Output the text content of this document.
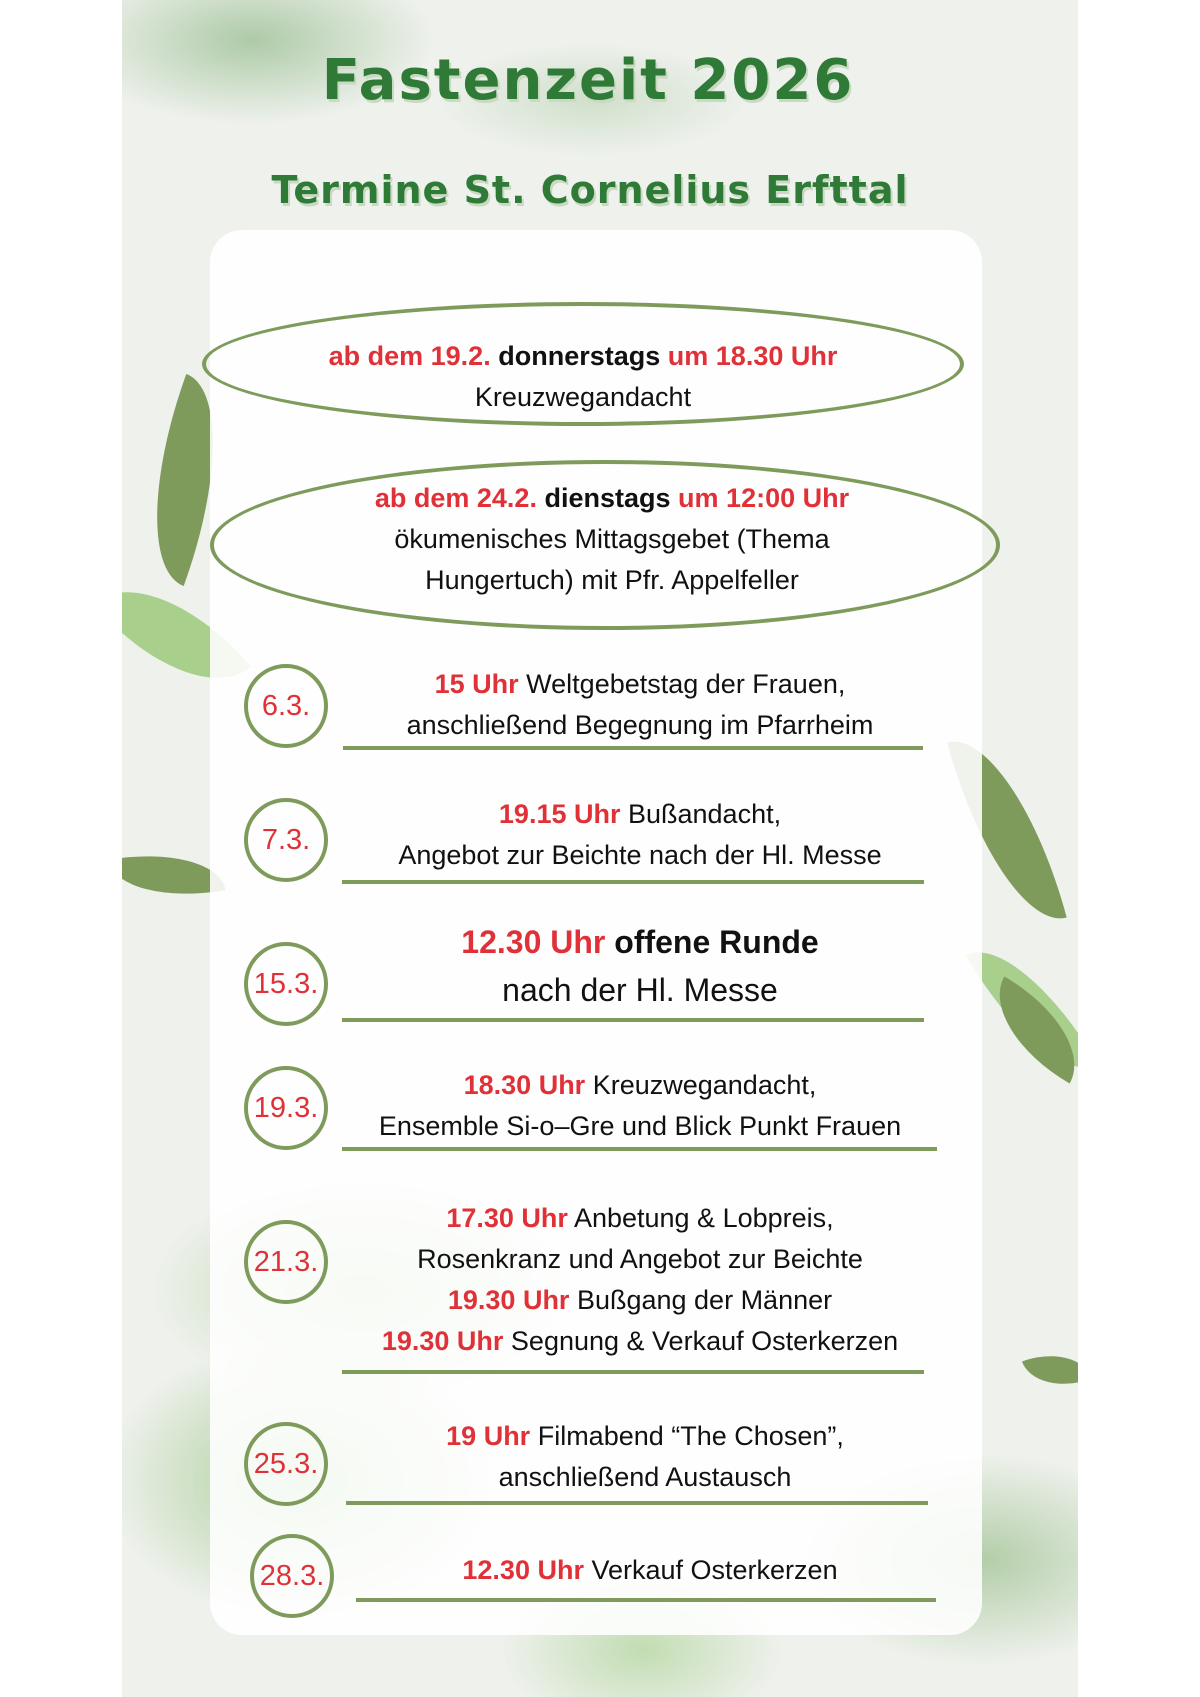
Fastenzeit 2026
Termine St. Cornelius Erfttal
ab dem 19.2. donnerstags um 18.30 Uhr
Kreuzwegandacht
ab dem 24.2. dienstags um 12:00 Uhr
ökumenisches Mittagsgebet (Thema
Hungertuch) mit Pfr. Appelfeller
6.3.
15 Uhr Weltgebetstag der Frauen,
anschließend Begegnung im Pfarrheim
7.3.
19.15 Uhr Bußandacht,
Angebot zur Beichte nach der Hl. Messe
15.3.
12.30 Uhr offene Runde
nach der Hl. Messe
19.3.
18.30 Uhr Kreuzwegandacht,
Ensemble Si-o–Gre und Blick Punkt Frauen
21.3.
17.30 Uhr Anbetung & Lobpreis,
Rosenkranz und Angebot zur Beichte
19.30 Uhr Bußgang der Männer
19.30 Uhr Segnung & Verkauf Osterkerzen
25.3.
19 Uhr Filmabend “The Chosen”,
anschließend Austausch
28.3.	12.30 Uhr Verkauf Osterkerzen
